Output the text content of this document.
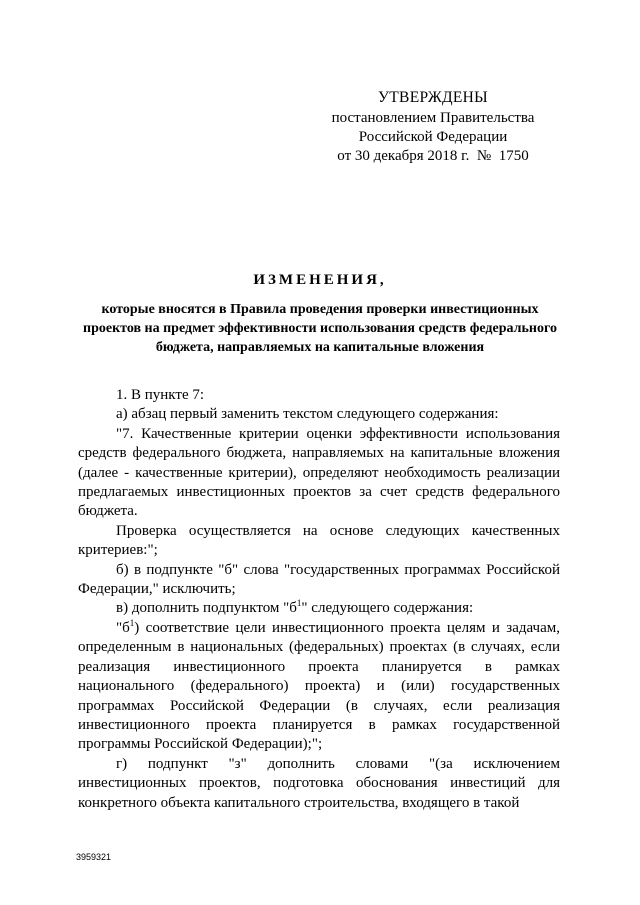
УТВЕРЖДЕНЫ
постановлением Правительства
Российской Федерации
от 30 декабря 2018 г.  №  1750
ИЗМЕНЕНИЯ,
которые вносятся в Правила проведения проверки инвестиционных проектов на предмет эффективности использования средств федерального бюджета, направляемых на капитальные вложения

1. В пункте 7:

а) абзац первый заменить текстом следующего содержания:

"7. Качественные критерии оценки эффективности использования средств федерального бюджета, направляемых на капитальные вложения (далее - качественные критерии), определяют необходимость реализации предлагаемых инвестиционных проектов за счет средств федерального бюджета.

Проверка осуществляется на основе следующих качественных критериев:";

б) в подпункте "б" слова "государственных программах Российской Федерации," исключить;

в) дополнить подпунктом "$б^1$" следующего содержания:

"$б^1$) соответствие цели инвестиционного проекта целям и задачам, определенным в национальных (федеральных) проектах (в случаях, если реализация инвестиционного проекта планируется в рамках национального (федерального) проекта) и (или) государственных программах Российской Федерации (в случаях, если реализация инвестиционного проекта планируется в рамках государственной программы Российской Федерации);";

г) подпункт "з" дополнить словами "(за исключением инвестиционных проектов, подготовка обоснования инвестиций для конкретного объекта капитального строительства, входящего в такой

3959321
